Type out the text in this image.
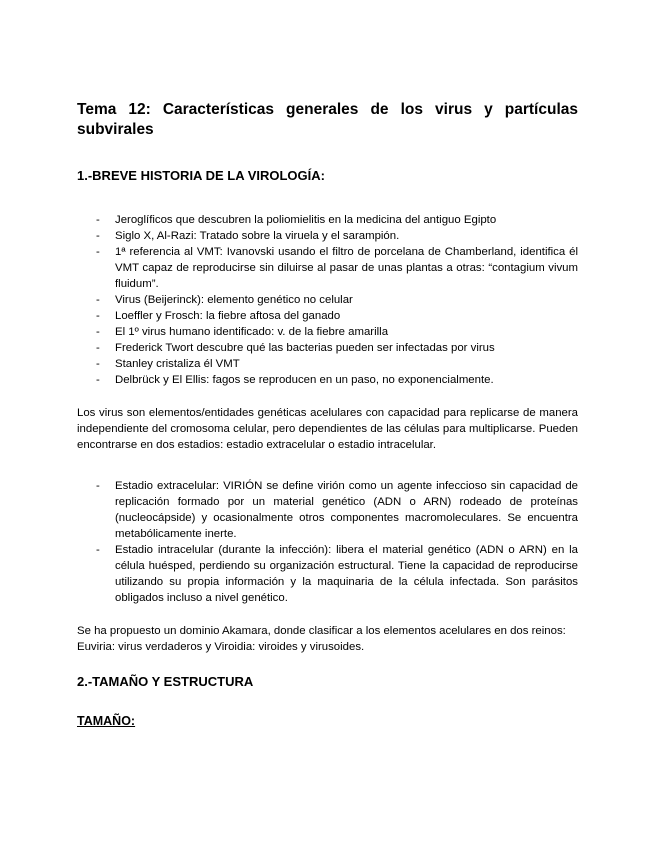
Tema 12: Características generales de los virus y partículas subvirales
1.-BREVE HISTORIA DE LA VIROLOGÍA:
- Jeroglíficos que descubren la poliomielitis en la medicina del antiguo Egipto
- Siglo X, Al-Razi: Tratado sobre la viruela y el sarampión.
- 1ª referencia al VMT: Ivanovski usando el filtro de porcelana de Chamberland, identifica él VMT capaz de reproducirse sin diluirse al pasar de unas plantas a otras: “contagium vivum fluidum”.
- Virus (Beijerinck): elemento genético no celular
- Loeffler y Frosch: la fiebre aftosa del ganado
- El 1º virus humano identificado: v. de la fiebre amarilla
- Frederick Twort descubre qué las bacterias pueden ser infectadas por virus
- Stanley cristaliza él VMT
- Delbrück y El Ellis: fagos se reproducen en un paso, no exponencialmente.

Los virus son elementos/entidades genéticas acelulares con capacidad para replicarse de manera independiente del cromosoma celular, pero dependientes de las células para multiplicarse. Pueden encontrarse en dos estadios: estadio extracelular o estadio intracelular.

- Estadio extracelular: VIRIÓN se define virión como un agente infeccioso sin capacidad de replicación formado por un material genético (ADN o ARN) rodeado de proteínas (nucleocápside) y ocasionalmente otros componentes macromoleculares. Se encuentra metabólicamente inerte.
- Estadio intracelular (durante la infección): libera el material genético (ADN o ARN) en la célula huésped, perdiendo su organización estructural. Tiene la capacidad de reproducirse utilizando su propia información y la maquinaria de la célula infectada. Son parásitos obligados incluso a nivel genético.

Se ha propuesto un dominio Akamara, donde clasificar a los elementos acelulares en dos reinos: Euviria: virus verdaderos y Viroidia: viroides y virusoides.

2.-TAMAÑO Y ESTRUCTURA
TAMAÑO:
